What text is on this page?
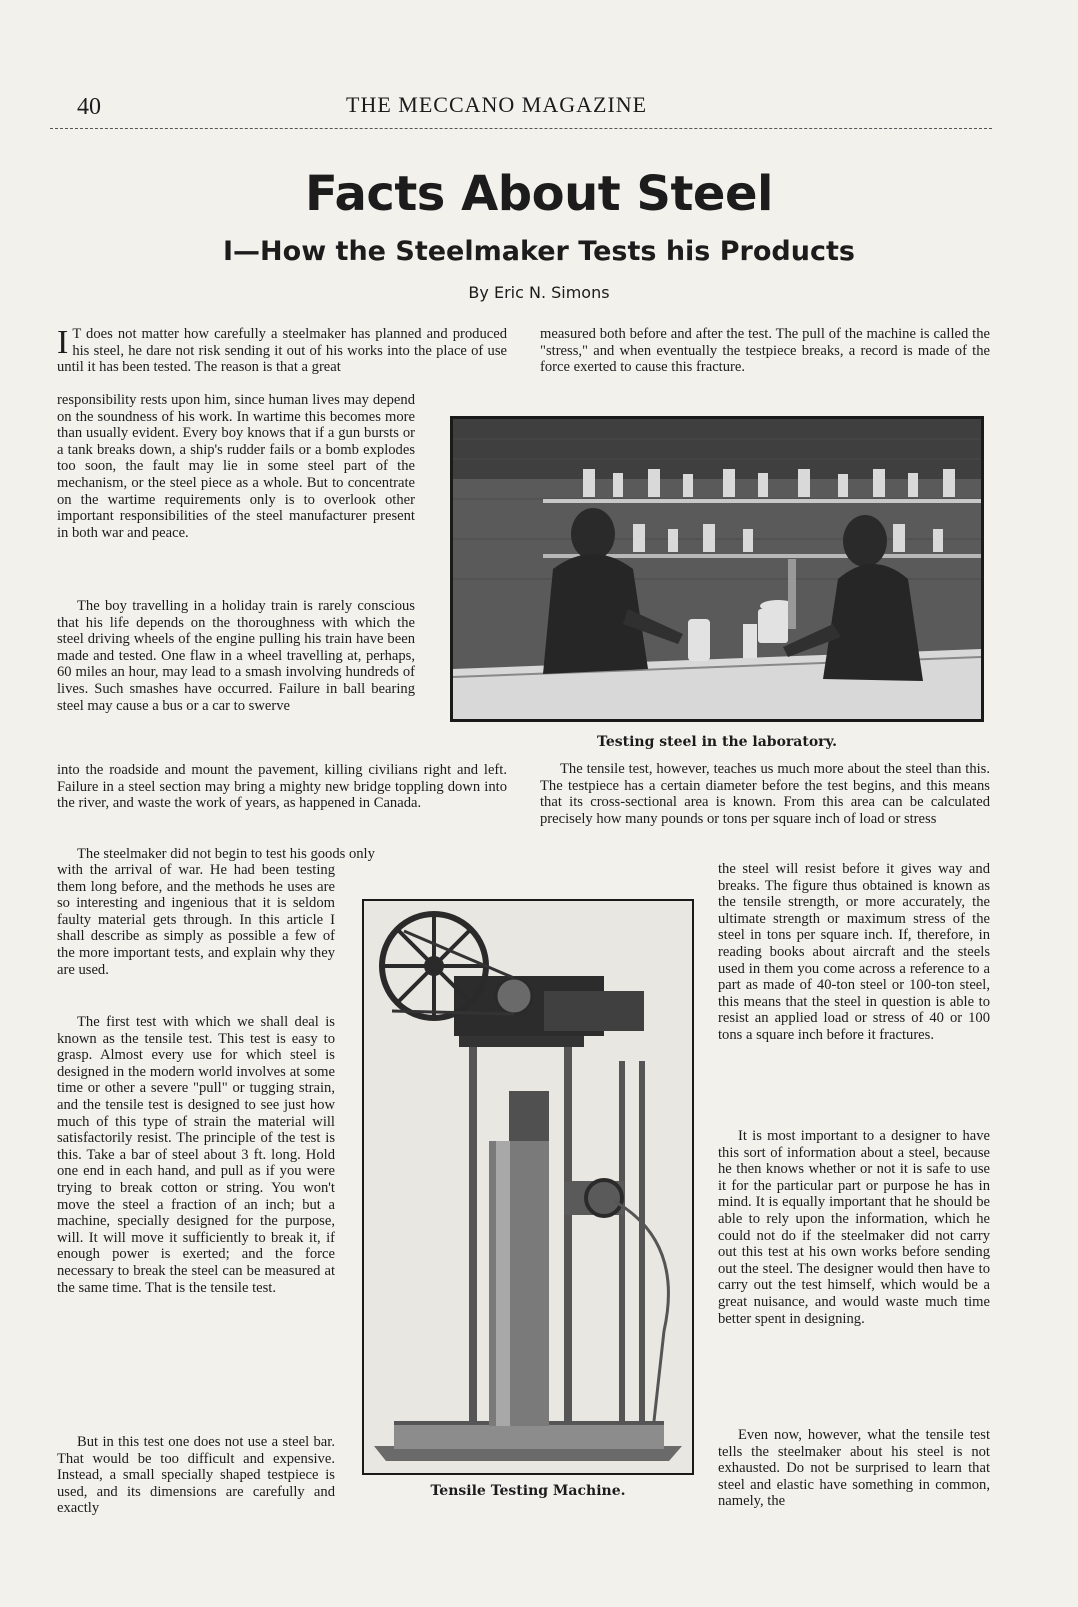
40	THE MECCANO MAGAZINE
Facts About Steel
I—How the Steelmaker Tests his Products
By Eric N. Simons

I T does not matter how carefully a steelmaker has planned and produced his steel, he dare not risk sending it out of his works into the place of use until it has been tested. The reason is that a great

responsibility rests upon him, since human lives may depend on the soundness of his work. In wartime this becomes more than usually evident. Every boy knows that if a gun bursts or a tank breaks down, a ship's rudder fails or a bomb explodes too soon, the fault may lie in some steel part of the mechanism, or the steel piece as a whole. But to concentrate on the wartime requirements only is to overlook other important responsibilities of the steel manufacturer present in both war and peace.

The boy travelling in a holiday train is rarely conscious that his life depends on the thoroughness with which the steel driving wheels of the engine pulling his train have been made and tested. One flaw in a wheel travelling at, perhaps, 60 miles an hour, may lead to a smash involving hundreds of lives. Such smashes have occurred. Failure in ball bearing steel may cause a bus or a car to swerve

into the roadside and mount the pavement, killing civilians right and left. Failure in a steel section may bring a mighty new bridge toppling down into the river, and waste the work of years, as happened in Canada.

The steelmaker did not begin to test his goods only

with the arrival of war. He had been testing them long before, and the methods he uses are so interesting and ingenious that it is seldom faulty material gets through. In this article I shall describe as simply as possible a few of the more important tests, and explain why they are used.

The first test with which we shall deal is known as the tensile test. This test is easy to grasp. Almost every use for which steel is designed in the modern world involves at some time or other a severe "pull" or tugging strain, and the tensile test is designed to see just how much of this type of strain the material will satisfactorily resist. The principle of the test is this. Take a bar of steel about 3 ft. long. Hold one end in each hand, and pull as if you were trying to break cotton or string. You won't move the steel a fraction of an inch; but a machine, specially designed for the purpose, will. It will move it sufficiently to break it, if enough power is exerted; and the force necessary to break the steel can be measured at the same time. That is the tensile test.

But in this test one does not use a steel bar. That would be too difficult and expensive. Instead, a small specially shaped testpiece is used, and its dimensions are carefully and exactly

measured both before and after the test. The pull of the machine is called the "stress," and when eventually the testpiece breaks, a record is made of the force exerted to cause this fracture.

Testing steel in the laboratory.

The tensile test, however, teaches us much more about the steel than this. The testpiece has a certain diameter before the test begins, and this means that its cross-sectional area is known. From this area can be calculated precisely how many pounds or tons per square inch of load or stress

the steel will resist before it gives way and breaks. The figure thus obtained is known as the tensile strength, or more accurately, the ultimate strength or maximum stress of the steel in tons per square inch. If, therefore, in reading books about aircraft and the steels used in them you come across a reference to a part as made of 40-ton steel or 100-ton steel, this means that the steel in question is able to resist an applied load or stress of 40 or 100 tons a square inch before it fractures.

It is most important to a designer to have this sort of information about a steel, because he then knows whether or not it is safe to use it for the particular part or purpose he has in mind. It is equally important that he should be able to rely upon the information, which he could not do if the steelmaker did not carry out this test at his own works before sending out the steel. The designer would then have to carry out the test himself, which would be a great nuisance, and would waste much time better spent in designing.

Even now, however, what the tensile test tells the steelmaker about his steel is not exhausted. Do not be surprised to learn that steel and elastic have something in common, namely, the

Tensile Testing Machine.
